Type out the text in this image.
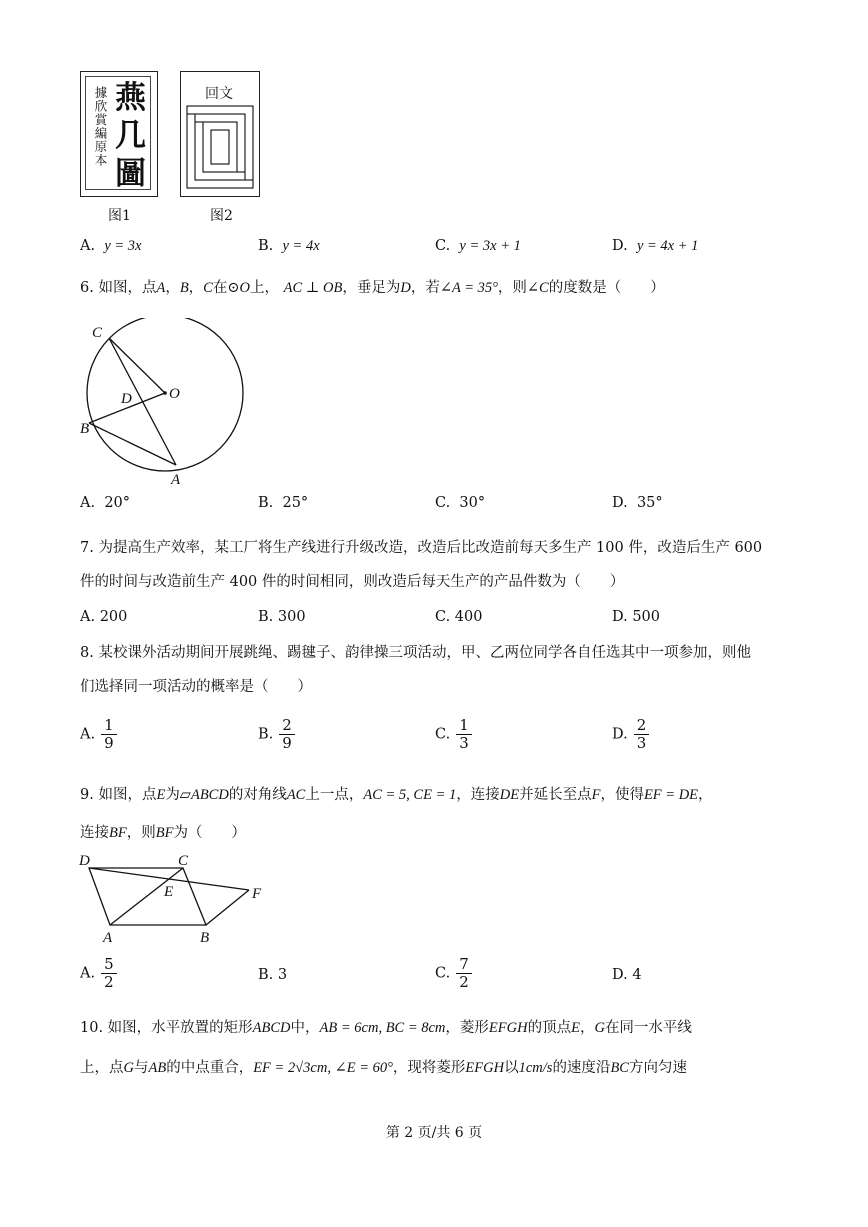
據欣賞編原本 燕
几
圖
图1
回文
图2
A. y = 3x	B. y = 4x	C. y = 3x + 1	D. y = 4x + 1
6. 如图，点A，B，C在⊙O上， AC ⊥ OB，垂足为D，若∠A = 35°，则∠C的度数是（　　）
C
D O
B
A
A. 20°	B. 25°	C. 30°	D. 35°
7. 为提高生产效率，某工厂将生产线进行升级改造，改造后比改造前每天多生产 100 件，改造后生产 600
件的时间与改造前生产 400 件的时间相同，则改造后每天生产的产品件数为（　　）
A. 200	B. 300	C. 400	D. 500
8. 某校课外活动期间开展跳绳、踢毽子、韵律操三项活动，甲、乙两位同学各自任选其中一项参加，则他
们选择同一项活动的概率是（　　）
A. $\frac{1}{9}$	B. $\frac{2}{9}$	C. $\frac{1}{3}$	D. $\frac{2}{3}$
9. 如图，点E为▱ABCD的对角线AC上一点，AC = 5, CE = 1，连接DE并延长至点F，使得EF = DE，
连接BF，则BF为（　　）
D	C
E	F
A	B
A. $\frac{5}{2}$	B. 3	C. $\frac{7}{2}$	D. 4
10. 如图，水平放置的矩形ABCD中，AB = 6cm, BC = 8cm，菱形EFGH的顶点E，G在同一水平线
上，点G与AB的中点重合，EF = 2√3cm, ∠E = 60°，现将菱形EFGH以1cm/s的速度沿BC方向匀速
第 2 页/共 6 页
